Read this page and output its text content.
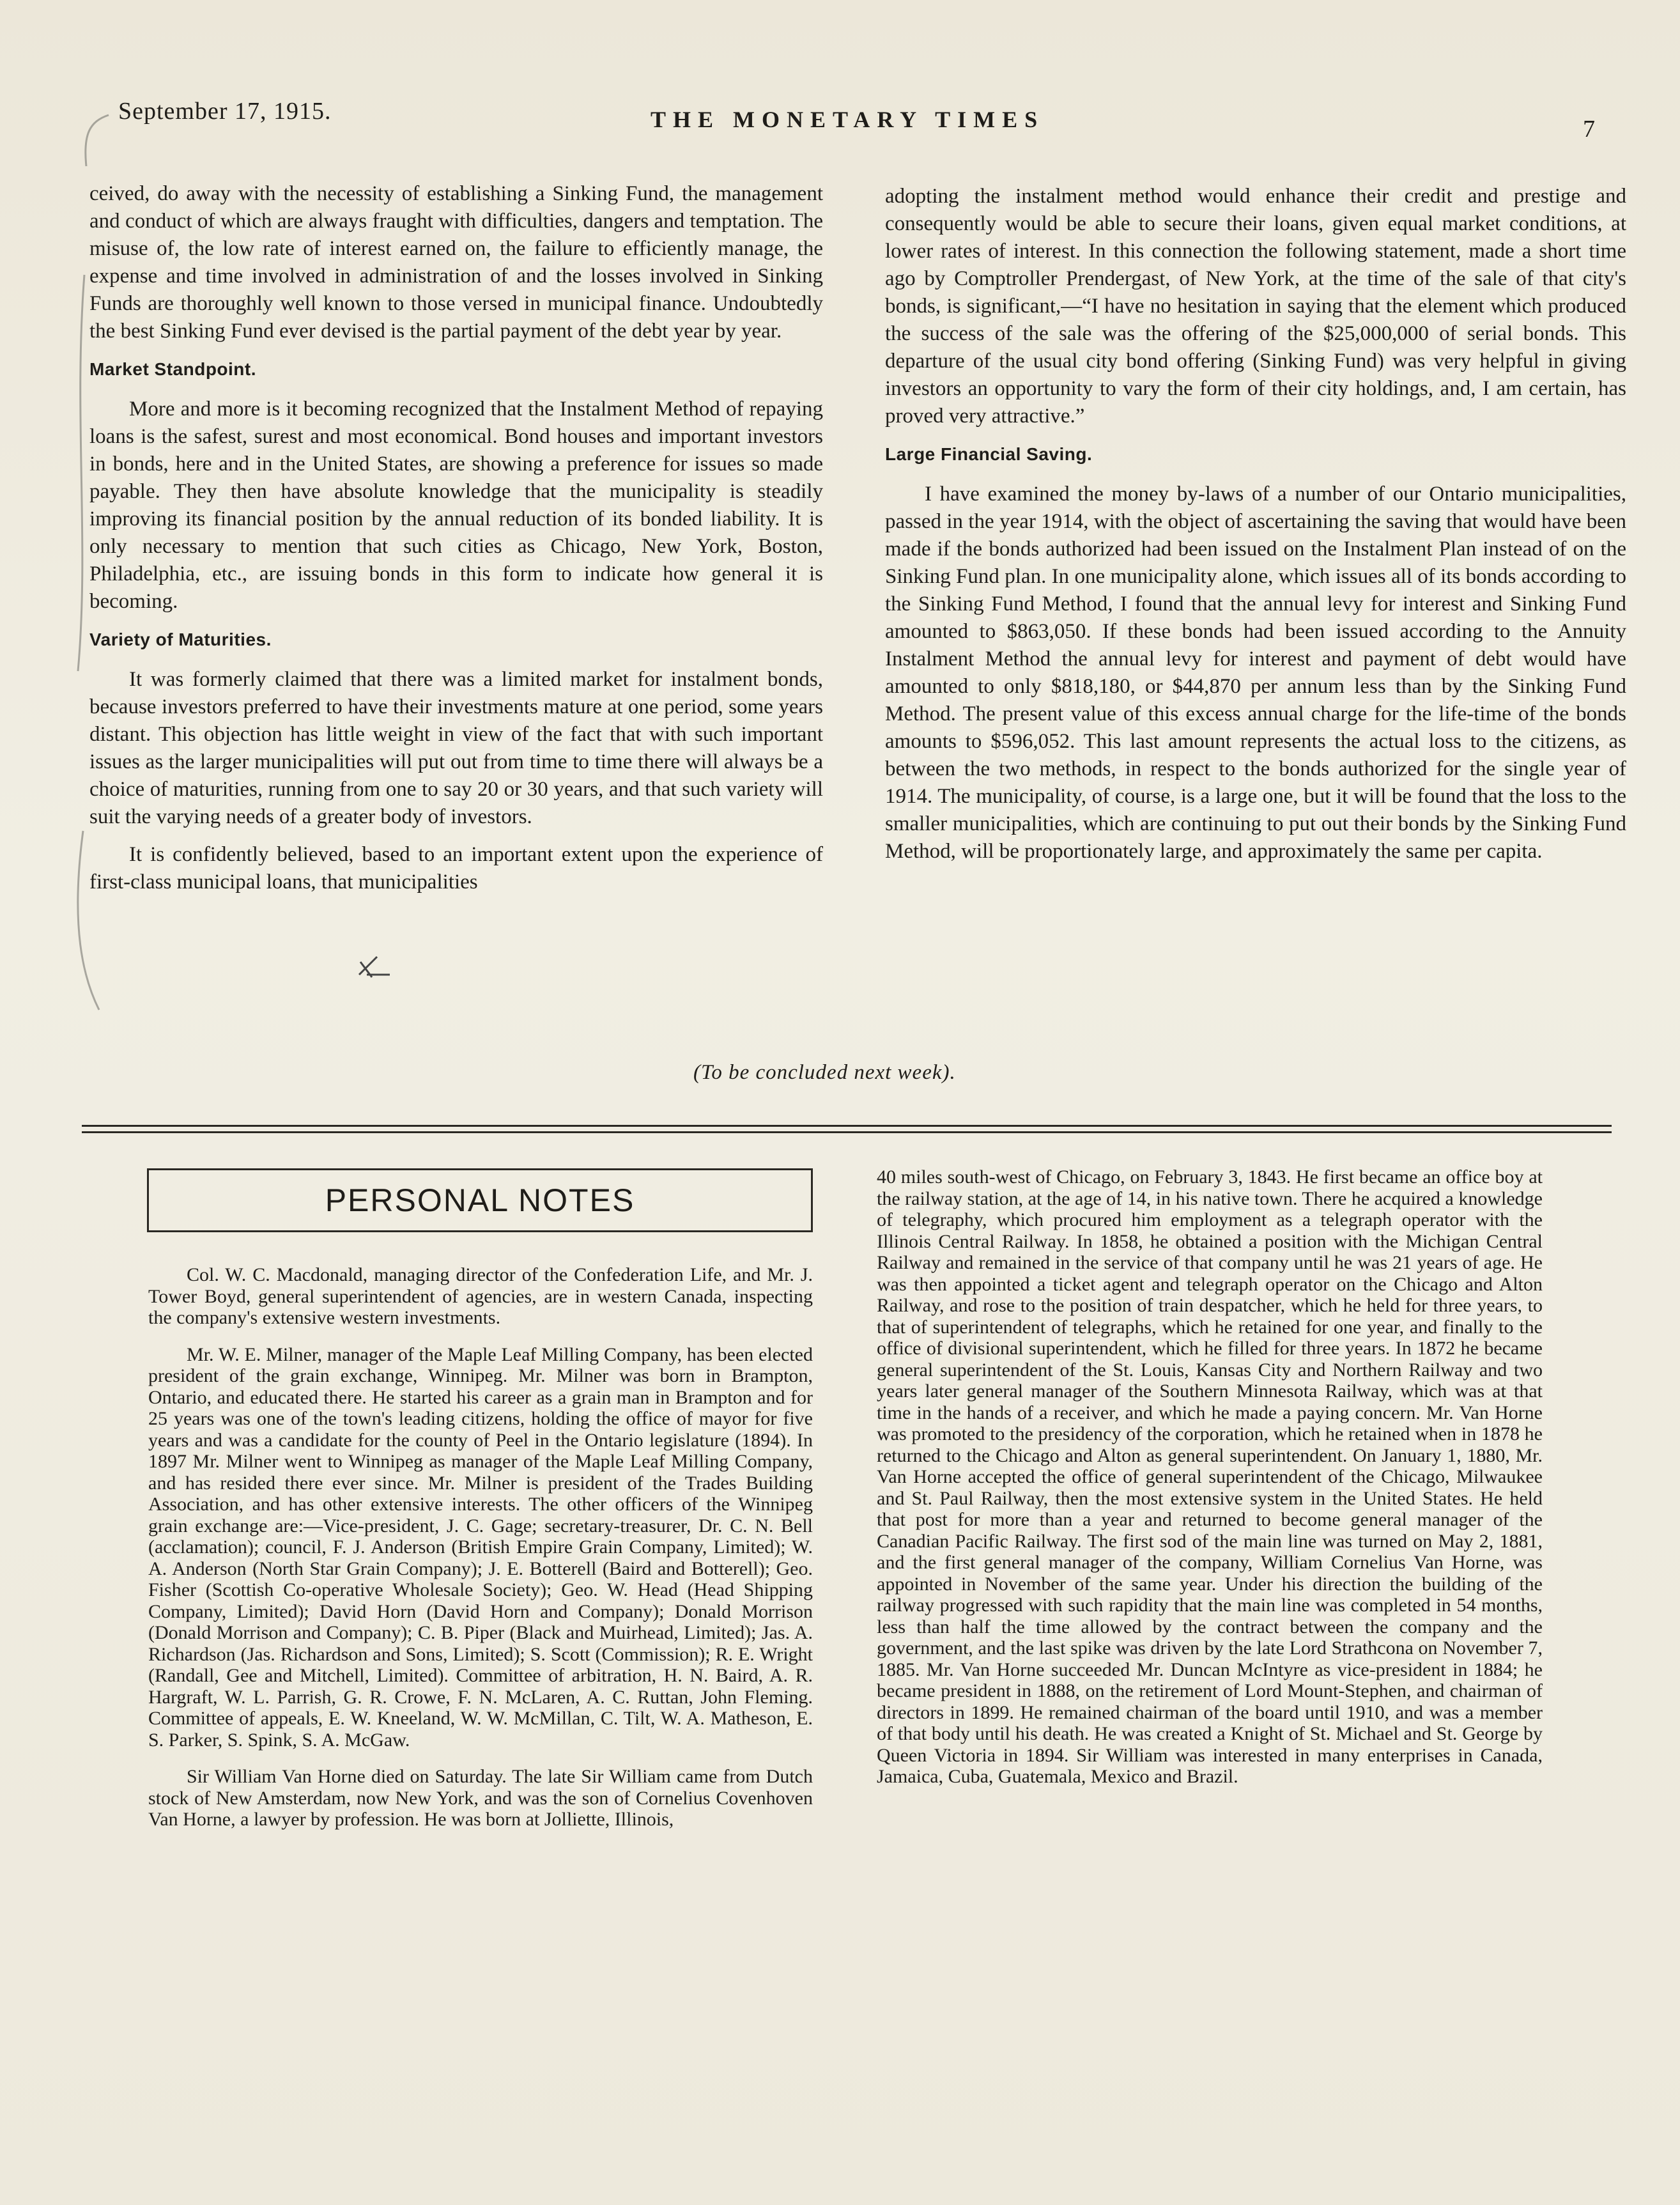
September 17, 1915.	THE MONETARY TIMES	7

ceived, do away with the necessity of establishing a Sinking Fund, the management and conduct of which are always fraught with difficulties, dangers and temptation. The misuse of, the low rate of interest earned on, the failure to efficiently manage, the expense and time involved in administration of and the losses involved in Sinking Funds are thoroughly well known to those versed in municipal finance. Undoubtedly the best Sinking Fund ever devised is the partial payment of the debt year by year.

Market Standpoint.

More and more is it becoming recognized that the Instalment Method of repaying loans is the safest, surest and most economical. Bond houses and important investors in bonds, here and in the United States, are showing a preference for issues so made payable. They then have absolute knowledge that the municipality is steadily improving its financial position by the annual reduction of its bonded liability. It is only necessary to mention that such cities as Chicago, New York, Boston, Philadelphia, etc., are issuing bonds in this form to indicate how general it is becoming.

Variety of Maturities.

It was formerly claimed that there was a limited market for instalment bonds, because investors preferred to have their investments mature at one period, some years distant. This objection has little weight in view of the fact that with such important issues as the larger municipalities will put out from time to time there will always be a choice of maturities, running from one to say 20 or 30 years, and that such variety will suit the varying needs of a greater body of investors.

It is confidently believed, based to an important extent upon the experience of first-class municipal loans, that municipalities

adopting the instalment method would enhance their credit and prestige and consequently would be able to secure their loans, given equal market conditions, at lower rates of interest. In this connection the following statement, made a short time ago by Comptroller Prendergast, of New York, at the time of the sale of that city's bonds, is significant,—“I have no hesitation in saying that the element which produced the success of the sale was the offering of the $25,000,000 of serial bonds. This departure of the usual city bond offering (Sinking Fund) was very helpful in giving investors an opportunity to vary the form of their city holdings, and, I am certain, has proved very attractive.”

Large Financial Saving.

I have examined the money by-laws of a number of our Ontario municipalities, passed in the year 1914, with the object of ascertaining the saving that would have been made if the bonds authorized had been issued on the Instalment Plan instead of on the Sinking Fund plan. In one municipality alone, which issues all of its bonds according to the Sinking Fund Method, I found that the annual levy for interest and Sinking Fund amounted to $863,050. If these bonds had been issued according to the Annuity Instalment Method the annual levy for interest and payment of debt would have amounted to only $818,180, or $44,870 per annum less than by the Sinking Fund Method. The present value of this excess annual charge for the life-time of the bonds amounts to $596,052. This last amount represents the actual loss to the citizens, as between the two methods, in respect to the bonds authorized for the single year of 1914. The municipality, of course, is a large one, but it will be found that the loss to the smaller municipalities, which are continuing to put out their bonds by the Sinking Fund Method, will be proportionately large, and approximately the same per capita.

(To be concluded next week).
PERSONAL NOTES

Col. W. C. Macdonald, managing director of the Confederation Life, and Mr. J. Tower Boyd, general superintendent of agencies, are in western Canada, inspecting the company's extensive western investments.

Mr. W. E. Milner, manager of the Maple Leaf Milling Company, has been elected president of the grain exchange, Winnipeg. Mr. Milner was born in Brampton, Ontario, and educated there. He started his career as a grain man in Brampton and for 25 years was one of the town's leading citizens, holding the office of mayor for five years and was a candidate for the county of Peel in the Ontario legislature (1894). In 1897 Mr. Milner went to Winnipeg as manager of the Maple Leaf Milling Company, and has resided there ever since. Mr. Milner is president of the Trades Building Association, and has other extensive interests. The other officers of the Winnipeg grain exchange are:—Vice-president, J. C. Gage; secretary-treasurer, Dr. C. N. Bell (acclamation); council, F. J. Anderson (British Empire Grain Company, Limited); W. A. Anderson (North Star Grain Company); J. E. Botterell (Baird and Botterell); Geo. Fisher (Scottish Co-operative Wholesale Society); Geo. W. Head (Head Shipping Company, Limited); David Horn (David Horn and Company); Donald Morrison (Donald Morrison and Company); C. B. Piper (Black and Muirhead, Limited); Jas. A. Richardson (Jas. Richardson and Sons, Limited); S. Scott (Commission); R. E. Wright (Randall, Gee and Mitchell, Limited). Committee of arbitration, H. N. Baird, A. R. Hargraft, W. L. Parrish, G. R. Crowe, F. N. McLaren, A. C. Ruttan, John Fleming. Committee of appeals, E. W. Kneeland, W. W. McMillan, C. Tilt, W. A. Matheson, E. S. Parker, S. Spink, S. A. McGaw.

Sir William Van Horne died on Saturday. The late Sir William came from Dutch stock of New Amsterdam, now New York, and was the son of Cornelius Covenhoven Van Horne, a lawyer by profession. He was born at Jolliette, Illinois,

40 miles south-west of Chicago, on February 3, 1843. He first became an office boy at the railway station, at the age of 14, in his native town. There he acquired a knowledge of telegraphy, which procured him employment as a telegraph operator with the Illinois Central Railway. In 1858, he obtained a position with the Michigan Central Railway and remained in the service of that company until he was 21 years of age. He was then appointed a ticket agent and telegraph operator on the Chicago and Alton Railway, and rose to the position of train despatcher, which he held for three years, to that of superintendent of telegraphs, which he retained for one year, and finally to the office of divisional superintendent, which he filled for three years. In 1872 he became general superintendent of the St. Louis, Kansas City and Northern Railway and two years later general manager of the Southern Minnesota Railway, which was at that time in the hands of a receiver, and which he made a paying concern. Mr. Van Horne was promoted to the presidency of the corporation, which he retained when in 1878 he returned to the Chicago and Alton as general superintendent. On January 1, 1880, Mr. Van Horne accepted the office of general superintendent of the Chicago, Milwaukee and St. Paul Railway, then the most extensive system in the United States. He held that post for more than a year and returned to become general manager of the Canadian Pacific Railway. The first sod of the main line was turned on May 2, 1881, and the first general manager of the company, William Cornelius Van Horne, was appointed in November of the same year. Under his direction the building of the railway progressed with such rapidity that the main line was completed in 54 months, less than half the time allowed by the contract between the company and the government, and the last spike was driven by the late Lord Strathcona on November 7, 1885. Mr. Van Horne succeeded Mr. Duncan McIntyre as vice-president in 1884; he became president in 1888, on the retirement of Lord Mount-Stephen, and chairman of directors in 1899. He remained chairman of the board until 1910, and was a member of that body until his death. He was created a Knight of St. Michael and St. George by Queen Victoria in 1894. Sir William was interested in many enterprises in Canada, Jamaica, Cuba, Guatemala, Mexico and Brazil.
